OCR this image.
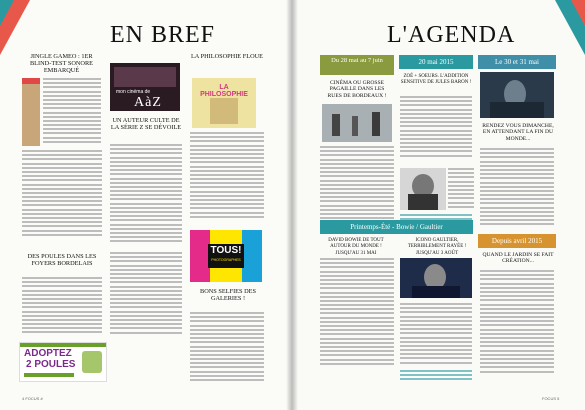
EN BREF
JINGLE GAMEO : 1ER BLIND-TEST SONORE EMBARQUÉ
DES POULES DANS LES FOYERS BORDELAIS
ADOPTEZ
2 POULES
mon cinéma de
AàZ
UN AUTEUR CULTE DE LA SÉRIE Z SE DÉVOILE
LA PHILOSOPHIE FLOUE
LA PHILOSOPHIE
TOUS!
PHOTOGRAPHES
BONS SELFIES DES GALERIES !
4 FOCUS #
L'AGENDA
Du 28 mai au 7 juin
CINÉMA OU GROSSE PAGAILLE DANS LES RUES DE BORDEAUX !
20 mai 2015
ZOÉ + SOEURS. L'ADDITION SENSITIVE DE JULES BARON !
Le 30 et 31 mai
RENDEZ VOUS DIMANCHE, EN ATTENDANT LA FIN DU MONDE...
Printemps-Été - Bowie / Gaultier
DAVID BOWIE DE TOUT AUTOUR DU MONDE ! JUSQU'AU 31 MAI
ICONO GAULTIER, TERRIBLEMENT RAYÉE ! JUSQU'AU 3 AOÛT
Depuis avril 2015
QUAND LE JARDIN SE FAIT CRÉATION...
FOCUS 5
